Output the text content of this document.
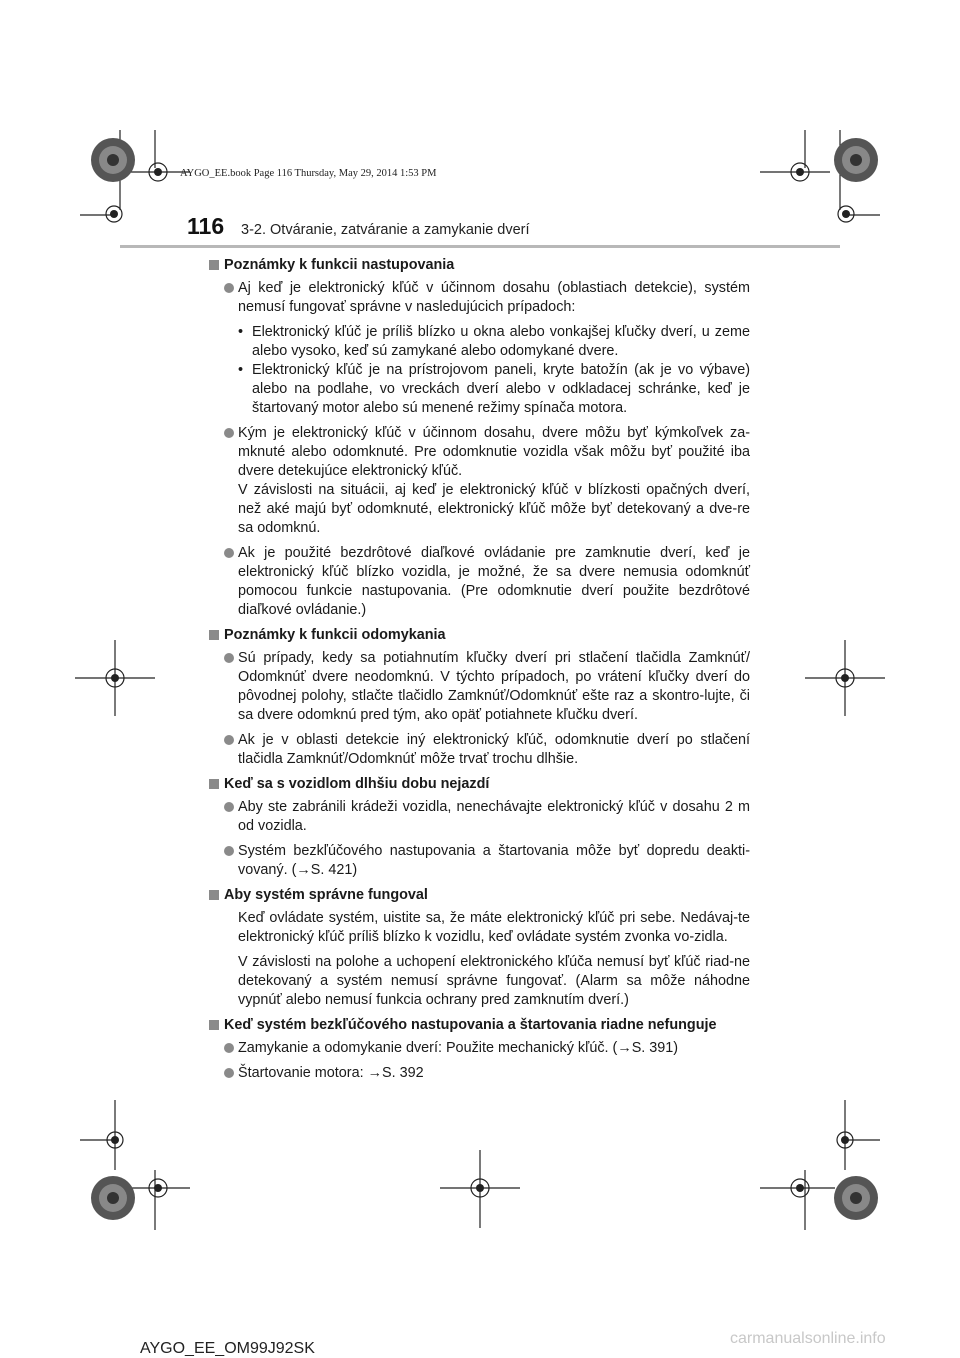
AYGO_EE.book Page 116 Thursday, May 29, 2014 1:53 PM
116 3-2. Otváranie, zatváranie a zamykanie dverí
Poznámky k funkcii nastupovania
Aj keď je elektronický kľúč v účinnom dosahu (oblastiach detekcie), systém nemusí fungovať správne v nasledujúcich prípadoch:
• Elektronický kľúč je príliš blízko u okna alebo vonkajšej kľučky dverí, u zeme alebo vysoko, keď sú zamykané alebo odomykané dvere.
• Elektronický kľúč je na prístrojovom paneli, kryte batožín (ak je vo výbave) alebo na podlahe, vo vreckách dverí alebo v odkladacej schránke, keď je štartovaný motor alebo sú menené režimy spínača motora.
Kým je elektronický kľúč v účinnom dosahu, dvere môžu byť kýmkoľvek za-mknuté alebo odomknuté. Pre odomknutie vozidla však môžu byť použité iba dvere detekujúce elektronický kľúč.
V závislosti na situácii, aj keď je elektronický kľúč v blízkosti opačných dverí, než aké majú byť odomknuté, elektronický kľúč môže byť detekovaný a dve-re sa odomknú.
Ak je použité bezdrôtové diaľkové ovládanie pre zamknutie dverí, keď je elektronický kľúč blízko vozidla, je možné, že sa dvere nemusia odomknúť pomocou funkcie nastupovania. (Pre odomknutie dverí použite bezdrôtové diaľkové ovládanie.)
Poznámky k funkcii odomykania
Sú prípady, kedy sa potiahnutím kľučky dverí pri stlačení tlačidla Zamknúť/ Odomknúť dvere neodomknú. V týchto prípadoch, po vrátení kľučky dverí do pôvodnej polohy, stlačte tlačidlo Zamknúť/Odomknúť ešte raz a skontro-lujte, či sa dvere odomknú pred tým, ako opäť potiahnete kľučku dverí.
Ak je v oblasti detekcie iný elektronický kľúč, odomknutie dverí po stlačení tlačidla Zamknúť/Odomknúť môže trvať trochu dlhšie.
Keď sa s vozidlom dlhšiu dobu nejazdí
Aby ste zabránili krádeži vozidla, nenechávajte elektronický kľúč v dosahu 2 m od vozidla.
Systém bezkľúčového nastupovania a štartovania môže byť dopredu deakti-vovaný. (→S. 421)
Aby systém správne fungoval
Keď ovládate systém, uistite sa, že máte elektronický kľúč pri sebe. Nedávaj-te elektronický kľúč príliš blízko k vozidlu, keď ovládate systém zvonka vo-zidla.
V závislosti na polohe a uchopení elektronického kľúča nemusí byť kľúč riad-ne detekovaný a systém nemusí správne fungovať. (Alarm sa môže náhodne vypnúť alebo nemusí funkcia ochrany pred zamknutím dverí.)
Keď systém bezkľúčového nastupovania a štartovania riadne nefunguje
Zamykanie a odomykanie dverí: Použite mechanický kľúč. (→S. 391)
Štartovanie motora: →S. 392
AYGO_EE_OM99J92SK
carmanualsonline.info
